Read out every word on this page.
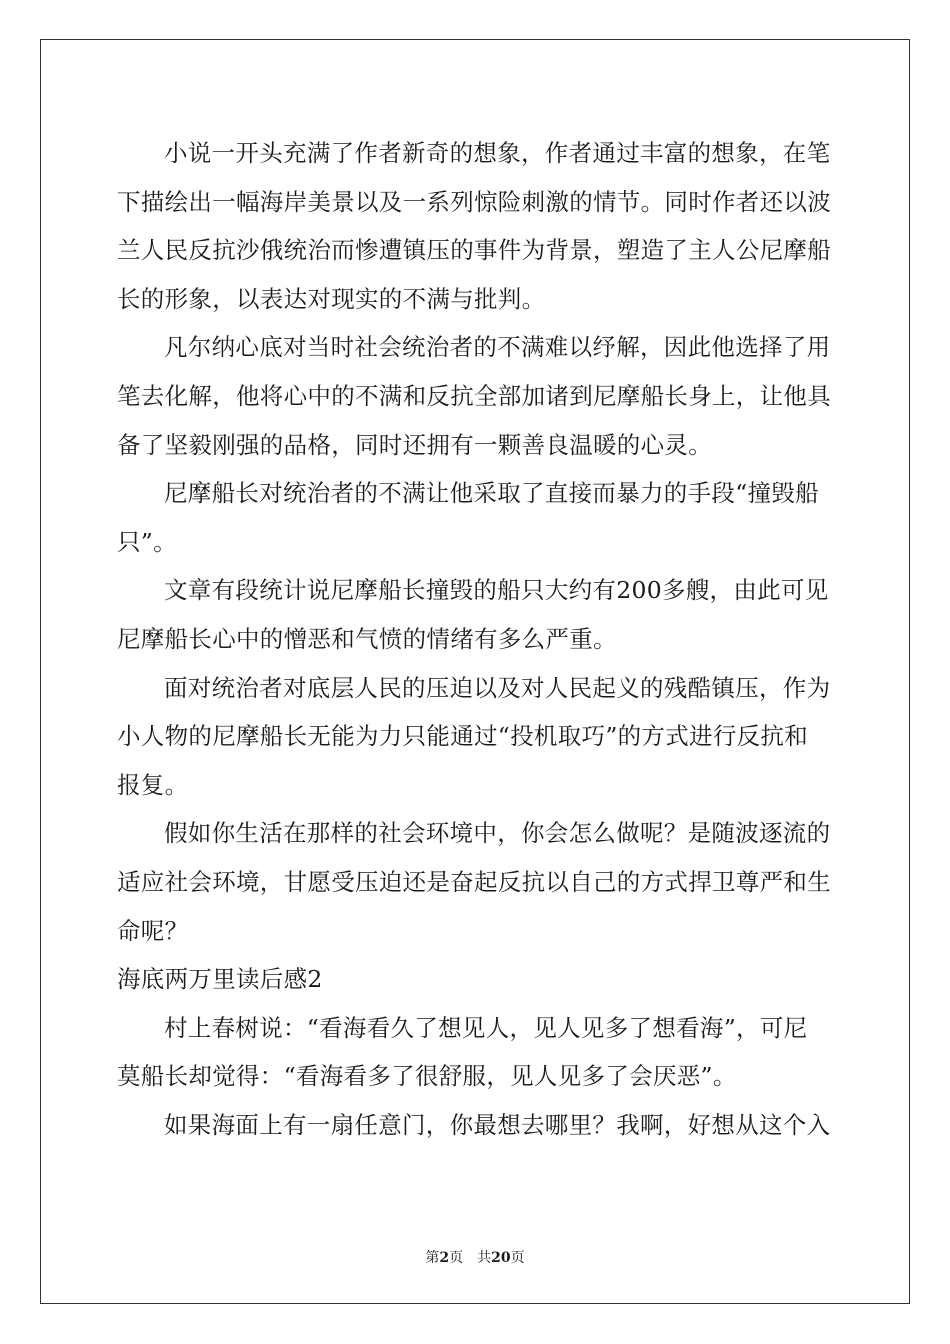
小说一开头充满了作者新奇的想象，作者通过丰富的想象，在笔
下描绘出一幅海岸美景以及一系列惊险刺激的情节。同时作者还以波
兰人民反抗沙俄统治而惨遭镇压的事件为背景，塑造了主人公尼摩船
长的形象，以表达对现实的不满与批判。

凡尔纳心底对当时社会统治者的不满难以纾解，因此他选择了用
笔去化解，他将心中的不满和反抗全部加诸到尼摩船长身上，让他具
备了坚毅刚强的品格，同时还拥有一颗善良温暖的心灵。

尼摩船长对统治者的不满让他采取了直接而暴力的手段“撞毁船
只”。

文章有段统计说尼摩船长撞毁的船只大约有200多艘，由此可见
尼摩船长心中的憎恶和气愤的情绪有多么严重。

面对统治者对底层人民的压迫以及对人民起义的残酷镇压，作为
小人物的尼摩船长无能为力只能通过“投机取巧”的方式进行反抗和
报复。

假如你生活在那样的社会环境中，你会怎么做呢？是随波逐流的
适应社会环境，甘愿受压迫还是奋起反抗以自己的方式捍卫尊严和生
命呢？

海底两万里读后感2

村上春树说：“看海看久了想见人，见人见多了想看海”，可尼
莫船长却觉得：“看海看多了很舒服，见人见多了会厌恶”。

如果海面上有一扇任意门，你最想去哪里？我啊，好想从这个入

第2页 共20页
